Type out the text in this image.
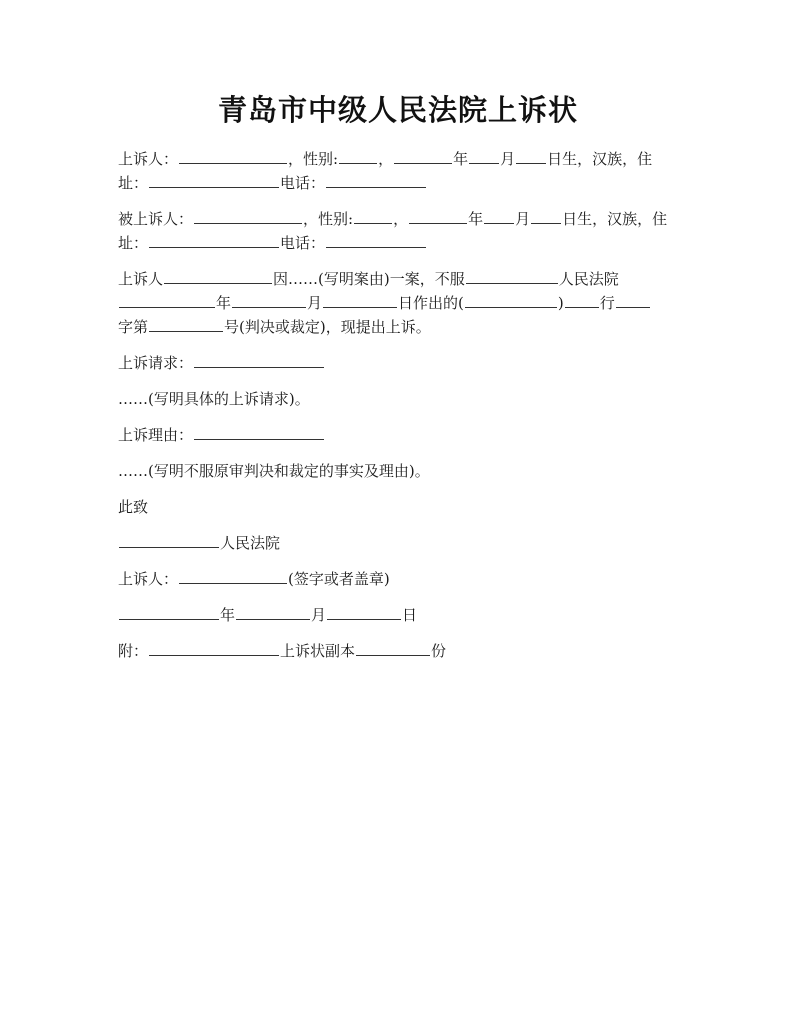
青岛市中级人民法院上诉状
上诉人：	，性别:	，	年 月 日生，汉族，住
址：	电话：
被上诉人：	，性别:	，	年 月 日生，汉族，住
址：	电话：
上诉人	因……(写明案由)一案，不服	人民法院
年	月	日作出的(	) 行
字第	号(判决或裁定)，现提出上诉。
上诉请求：
……(写明具体的上诉请求)。
上诉理由：
……(写明不服原审判决和裁定的事实及理由)。
此致
人民法院
上诉人：	(签字或者盖章)
年	月	日
附：	上诉状副本	份
